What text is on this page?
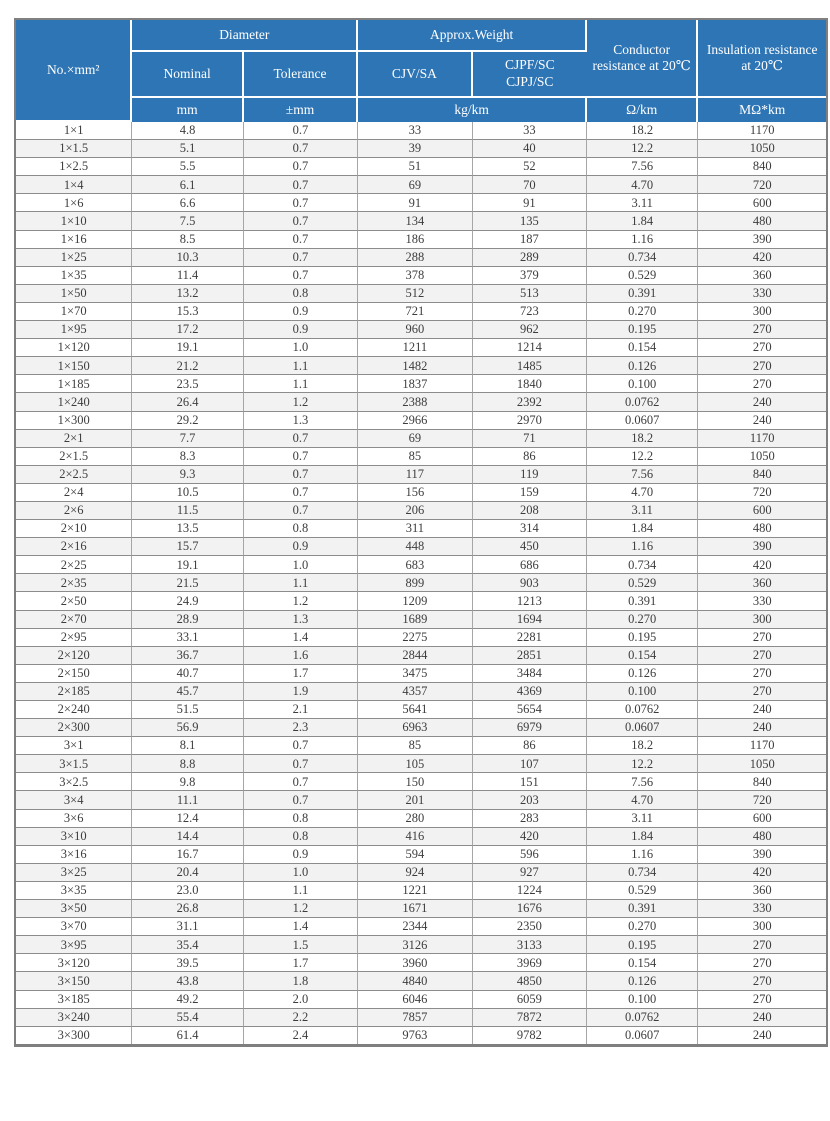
No.×mm²	Diameter		Approx.Weight		Conductor resistance at 20℃	Insulation resistance at 20℃
	Nominal	Tolerance	CJV/SA	CJPF/SC
CJPJ/SC		

	mm	±mm	kg/km		Ω/km	MΩ*km
1×1	4.8	0.7	33	33	18.2	1170
1×1.5	5.1	0.7	39	40	12.2	1050
1×2.5	5.5	0.7	51	52	7.56	840
1×4	6.1	0.7	69	70	4.70	720
1×6	6.6	0.7	91	91	3.11	600
1×10	7.5	0.7	134	135	1.84	480
1×16	8.5	0.7	186	187	1.16	390
1×25	10.3	0.7	288	289	0.734	420
1×35	11.4	0.7	378	379	0.529	360
1×50	13.2	0.8	512	513	0.391	330
1×70	15.3	0.9	721	723	0.270	300
1×95	17.2	0.9	960	962	0.195	270
1×120	19.1	1.0	1211	1214	0.154	270
1×150	21.2	1.1	1482	1485	0.126	270
1×185	23.5	1.1	1837	1840	0.100	270
1×240	26.4	1.2	2388	2392	0.0762	240
1×300	29.2	1.3	2966	2970	0.0607	240
2×1	7.7	0.7	69	71	18.2	1170
2×1.5	8.3	0.7	85	86	12.2	1050
2×2.5	9.3	0.7	117	119	7.56	840
2×4	10.5	0.7	156	159	4.70	720
2×6	11.5	0.7	206	208	3.11	600
2×10	13.5	0.8	311	314	1.84	480
2×16	15.7	0.9	448	450	1.16	390
2×25	19.1	1.0	683	686	0.734	420
2×35	21.5	1.1	899	903	0.529	360
2×50	24.9	1.2	1209	1213	0.391	330
2×70	28.9	1.3	1689	1694	0.270	300
2×95	33.1	1.4	2275	2281	0.195	270
2×120	36.7	1.6	2844	2851	0.154	270
2×150	40.7	1.7	3475	3484	0.126	270
2×185	45.7	1.9	4357	4369	0.100	270
2×240	51.5	2.1	5641	5654	0.0762	240
2×300	56.9	2.3	6963	6979	0.0607	240
3×1	8.1	0.7	85	86	18.2	1170
3×1.5	8.8	0.7	105	107	12.2	1050
3×2.5	9.8	0.7	150	151	7.56	840
3×4	11.1	0.7	201	203	4.70	720
3×6	12.4	0.8	280	283	3.11	600
3×10	14.4	0.8	416	420	1.84	480
3×16	16.7	0.9	594	596	1.16	390
3×25	20.4	1.0	924	927	0.734	420
3×35	23.0	1.1	1221	1224	0.529	360
3×50	26.8	1.2	1671	1676	0.391	330
3×70	31.1	1.4	2344	2350	0.270	300
3×95	35.4	1.5	3126	3133	0.195	270
3×120	39.5	1.7	3960	3969	0.154	270
3×150	43.8	1.8	4840	4850	0.126	270
3×185	49.2	2.0	6046	6059	0.100	270
3×240	55.4	2.2	7857	7872	0.0762	240
3×300	61.4	2.4	9763	9782	0.0607	240
